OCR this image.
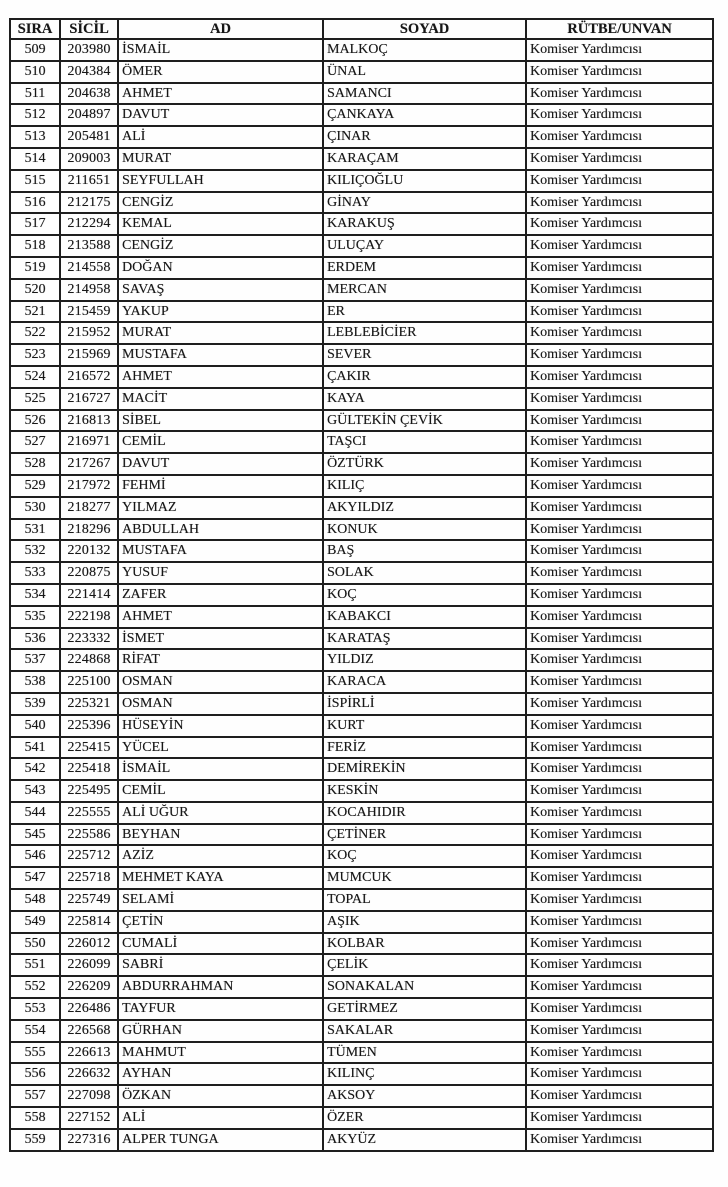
SIRA	SİCİL	AD	SOYAD	RÜTBE/UNVAN
509	203980	İSMAİL	MALKOÇ	Komiser Yardımcısı
510	204384	ÖMER	ÜNAL	Komiser Yardımcısı
511	204638	AHMET	SAMANCI	Komiser Yardımcısı
512	204897	DAVUT	ÇANKAYA	Komiser Yardımcısı
513	205481	ALİ	ÇINAR	Komiser Yardımcısı
514	209003	MURAT	KARAÇAM	Komiser Yardımcısı
515	211651	SEYFULLAH	KILIÇOĞLU	Komiser Yardımcısı
516	212175	CENGİZ	GİNAY	Komiser Yardımcısı
517	212294	KEMAL	KARAKUŞ	Komiser Yardımcısı
518	213588	CENGİZ	ULUÇAY	Komiser Yardımcısı
519	214558	DOĞAN	ERDEM	Komiser Yardımcısı
520	214958	SAVAŞ	MERCAN	Komiser Yardımcısı
521	215459	YAKUP	ER	Komiser Yardımcısı
522	215952	MURAT	LEBLEBİCİER	Komiser Yardımcısı
523	215969	MUSTAFA	SEVER	Komiser Yardımcısı
524	216572	AHMET	ÇAKIR	Komiser Yardımcısı
525	216727	MACİT	KAYA	Komiser Yardımcısı
526	216813	SİBEL	GÜLTEKİN ÇEVİK	Komiser Yardımcısı
527	216971	CEMİL	TAŞCI	Komiser Yardımcısı
528	217267	DAVUT	ÖZTÜRK	Komiser Yardımcısı
529	217972	FEHMİ	KILIÇ	Komiser Yardımcısı
530	218277	YILMAZ	AKYILDIZ	Komiser Yardımcısı
531	218296	ABDULLAH	KONUK	Komiser Yardımcısı
532	220132	MUSTAFA	BAŞ	Komiser Yardımcısı
533	220875	YUSUF	SOLAK	Komiser Yardımcısı
534	221414	ZAFER	KOÇ	Komiser Yardımcısı
535	222198	AHMET	KABAKCI	Komiser Yardımcısı
536	223332	İSMET	KARATAŞ	Komiser Yardımcısı
537	224868	RİFAT	YILDIZ	Komiser Yardımcısı
538	225100	OSMAN	KARACA	Komiser Yardımcısı
539	225321	OSMAN	İSPİRLİ	Komiser Yardımcısı
540	225396	HÜSEYİN	KURT	Komiser Yardımcısı
541	225415	YÜCEL	FERİZ	Komiser Yardımcısı
542	225418	İSMAİL	DEMİREKİN	Komiser Yardımcısı
543	225495	CEMİL	KESKİN	Komiser Yardımcısı
544	225555	ALİ UĞUR	KOCAHIDIR	Komiser Yardımcısı
545	225586	BEYHAN	ÇETİNER	Komiser Yardımcısı
546	225712	AZİZ	KOÇ	Komiser Yardımcısı
547	225718	MEHMET KAYA	MUMCUK	Komiser Yardımcısı
548	225749	SELAMİ	TOPAL	Komiser Yardımcısı
549	225814	ÇETİN	AŞIK	Komiser Yardımcısı
550	226012	CUMALİ	KOLBAR	Komiser Yardımcısı
551	226099	SABRİ	ÇELİK	Komiser Yardımcısı
552	226209	ABDURRAHMAN	SONAKALAN	Komiser Yardımcısı
553	226486	TAYFUR	GETİRMEZ	Komiser Yardımcısı
554	226568	GÜRHAN	SAKALAR	Komiser Yardımcısı
555	226613	MAHMUT	TÜMEN	Komiser Yardımcısı
556	226632	AYHAN	KILINÇ	Komiser Yardımcısı
557	227098	ÖZKAN	AKSOY	Komiser Yardımcısı
558	227152	ALİ	ÖZER	Komiser Yardımcısı
559	227316	ALPER TUNGA	AKYÜZ	Komiser Yardımcısı
